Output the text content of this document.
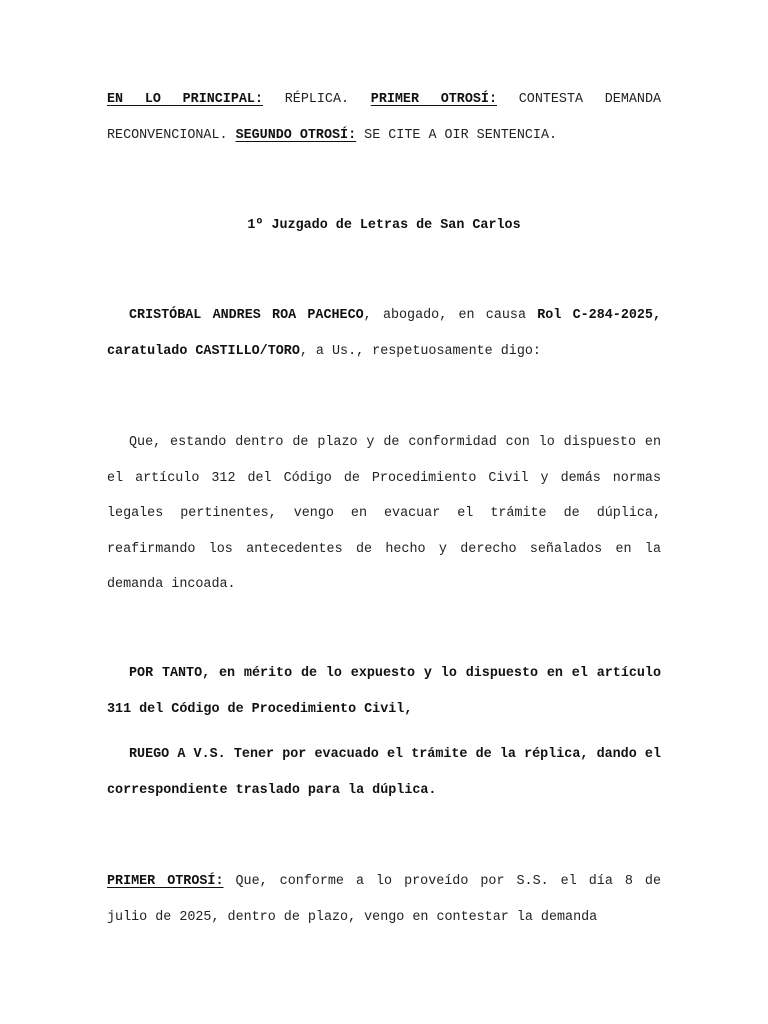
EN LO PRINCIPAL: RÉPLICA. PRIMER OTROSÍ: CONTESTA DEMANDA RECONVENCIONAL. SEGUNDO OTROSÍ: SE CITE A OIR SENTENCIA.
1º Juzgado de Letras de San Carlos
CRISTÓBAL ANDRES ROA PACHECO, abogado, en causa Rol C-284-2025, caratulado CASTILLO/TORO, a Us., respetuosamente digo:
Que, estando dentro de plazo y de conformidad con lo dispuesto en el artículo 312 del Código de Procedimiento Civil y demás normas legales pertinentes, vengo en evacuar el trámite de dúplica, reafirmando los antecedentes de hecho y derecho señalados en la demanda incoada.
POR TANTO, en mérito de lo expuesto y lo dispuesto en el artículo 311 del Código de Procedimiento Civil,
RUEGO A V.S. Tener por evacuado el trámite de la réplica, dando el correspondiente traslado para la dúplica.
PRIMER OTROSÍ: Que, conforme a lo proveído por S.S. el día 8 de julio de 2025, dentro de plazo, vengo en contestar la demanda
